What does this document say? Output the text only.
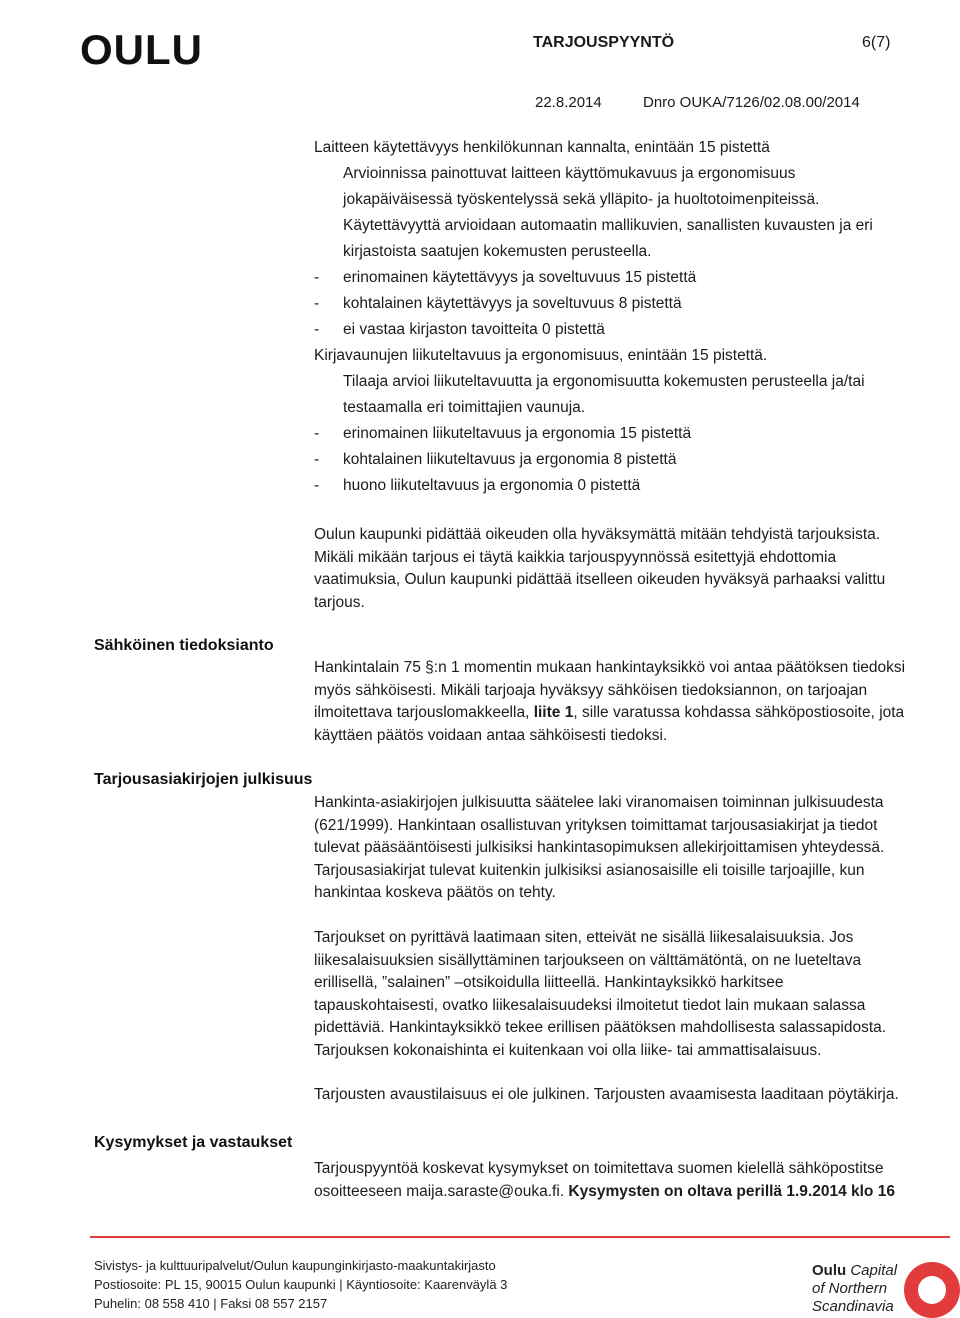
OULU	TARJOUSPYYNTÖ	6(7)
22.8.2014	Dnro OUKA/7126/02.08.00/2014
Laitteen käytettävyys henkilökunnan kannalta, enintään 15 pistettä
Arvioinnissa painottuvat laitteen käyttömukavuus ja ergonomisuus
jokapäiväisessä työskentelyssä sekä ylläpito- ja huoltotoimenpiteissä.
Käytettävyyttä arvioidaan automaatin mallikuvien, sanallisten kuvausten ja eri
kirjastoista saatujen kokemusten perusteella.
-	erinomainen käytettävyys ja soveltuvuus 15 pistettä
-	kohtalainen käytettävyys ja soveltuvuus 8 pistettä
-	ei vastaa kirjaston tavoitteita 0 pistettä
Kirjavaunujen liikuteltavuus ja ergonomisuus, enintään 15 pistettä.
Tilaaja arvioi liikuteltavuutta ja ergonomisuutta kokemusten perusteella ja/tai
testaamalla eri toimittajien vaunuja.
-	erinomainen liikuteltavuus ja ergonomia 15 pistettä
-	kohtalainen liikuteltavuus ja ergonomia 8 pistettä
-	huono liikuteltavuus ja ergonomia 0 pistettä
Oulun kaupunki pidättää oikeuden olla hyväksymättä mitään tehdyistä tarjouksista.
Mikäli mikään tarjous ei täytä kaikkia tarjouspyynnössä esitettyjä ehdottomia
vaatimuksia, Oulun kaupunki pidättää itselleen oikeuden hyväksyä parhaaksi valittu
tarjous.
Sähköinen tiedoksianto
Hankintalain 75 §:n 1 momentin mukaan hankintayksikkö voi antaa päätöksen tiedoksi
myös sähköisesti. Mikäli tarjoaja hyväksyy sähköisen tiedoksiannon, on tarjoajan
ilmoitettava tarjouslomakkeella, liite 1, sille varatussa kohdassa sähköpostiosoite, jota
käyttäen päätös voidaan antaa sähköisesti tiedoksi.
Tarjousasiakirjojen julkisuus
Hankinta-asiakirjojen julkisuutta säätelee laki viranomaisen toiminnan julkisuudesta
(621/1999). Hankintaan osallistuvan yrityksen toimittamat tarjousasiakirjat ja tiedot
tulevat pääsääntöisesti julkisiksi hankintasopimuksen allekirjoittamisen yhteydessä.
Tarjousasiakirjat tulevat kuitenkin julkisiksi asianosaisille eli toisille tarjoajille, kun
hankintaa koskeva päätös on tehty.
Tarjoukset on pyrittävä laatimaan siten, etteivät ne sisällä liikesalaisuuksia. Jos
liikesalaisuuksien sisällyttäminen tarjoukseen on välttämätöntä, on ne lueteltava
erillisellä, ”salainen” –otsikoidulla liitteellä. Hankintayksikkö harkitsee
tapauskohtaisesti, ovatko liikesalaisuudeksi ilmoitetut tiedot lain mukaan salassa
pidettäviä. Hankintayksikkö tekee erillisen päätöksen mahdollisesta salassapidosta.
Tarjouksen kokonaishinta ei kuitenkaan voi olla liike- tai ammattisalaisuus.
Tarjousten avaustilaisuus ei ole julkinen. Tarjousten avaamisesta laaditaan pöytäkirja.
Kysymykset ja vastaukset
Tarjouspyyntöä koskevat kysymykset on toimitettava suomen kielellä sähköpostitse
osoitteeseen maija.saraste@ouka.fi. Kysymysten on oltava perillä 1.9.2014 klo 16
Sivistys- ja kulttuuripalvelut/Oulun kaupunginkirjasto-maakuntakirjasto
Postiosoite: PL 15, 90015 Oulun kaupunki | Käyntiosoite: Kaarenväylä 3
Puhelin: 08 558 410 | Faksi 08 557 2157
Oulu Capital
of Northern
Scandinavia
